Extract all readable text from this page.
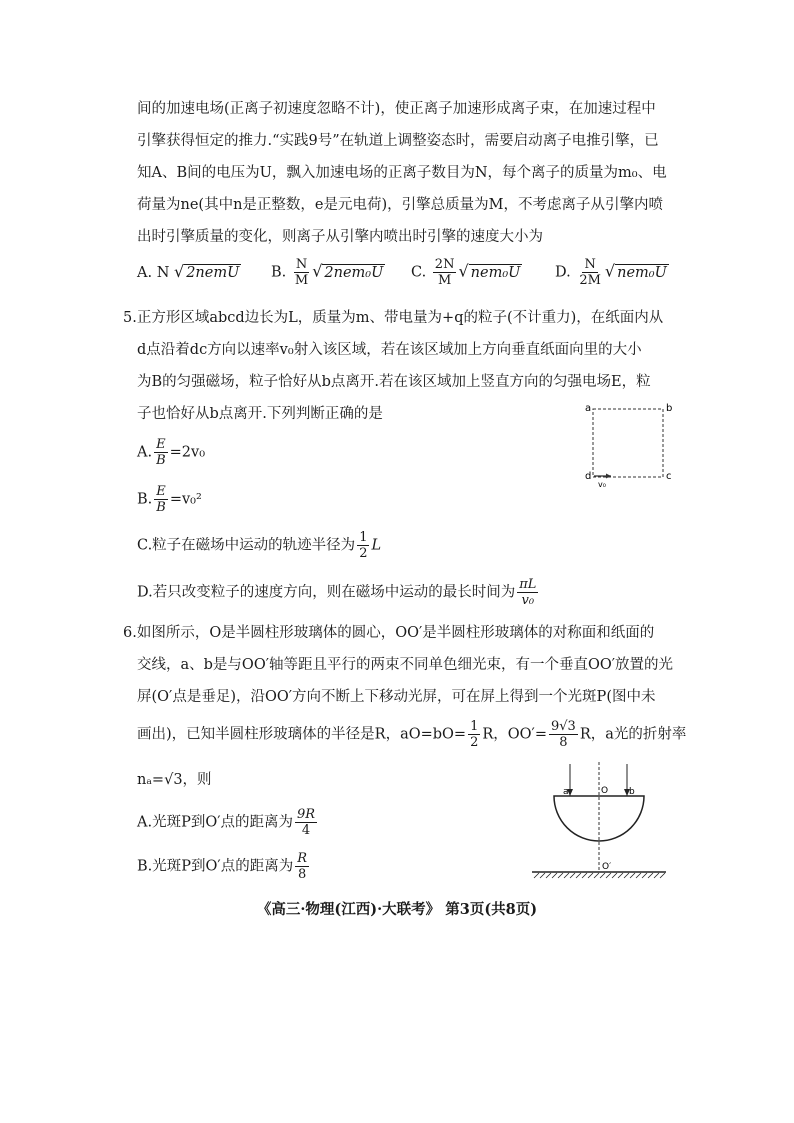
间的加速电场(正离子初速度忽略不计)，使正离子加速形成离子束，在加速过程中
引擎获得恒定的推力.“实践9号”在轨道上调整姿态时，需要启动离子电推引擎，已
知A、B间的电压为U，飘入加速电场的正离子数目为N，每个离子的质量为m₀、电
荷量为ne(其中n是正整数，e是元电荷)，引擎总质量为M，不考虑离子从引擎内喷
出时引擎质量的变化，则离子从引擎内喷出时引擎的速度大小为
A. N √ 2nemU B. $\frac{N}{M}$ √ 2nem₀U C. $\frac{2N}{M}$ √ nem₀U D. $\frac{N}{2M}$ √ nem₀U
5.正方形区域abcd边长为L，质量为m、带电量为+q的粒子(不计重力)，在纸面内从
d点沿着dc方向以速率v₀射入该区域，若在该区域加上方向垂直纸面向里的大小
为B的匀强磁场，粒子恰好从b点离开.若在该区域加上竖直方向的匀强电场E，粒
子也恰好从b点离开.下列判断正确的是	a	b
d	c
v₀
A. $\frac{E}{B} =2v_0$
B. $\frac{E}{B} =v_0^2$
C.粒子在磁场中运动的轨迹半径为 $\frac{1}{2}$ L
D.若只改变粒子的速度方向，则在磁场中运动的最长时间为 $\frac{\pi L}{\text{v₀}}$
6.如图所示，O是半圆柱形玻璃体的圆心，OO′是半圆柱形玻璃体的对称面和纸面的
交线，a、b是与OO′轴等距且平行的两束不同单色细光束，有一个垂直OO′放置的光
屏(O′点是垂足)，沿OO′方向不断上下移动光屏，可在屏上得到一个光斑P(图中未
画出)，已知半圆柱形玻璃体的半径是R，$aO=bO= \frac{1}{2}$ R，$OO'= \frac{9√3}{8}$ R，a光的折射率
nₐ=√3，则
A.光斑P到O′点的距离为 $\frac{9R}{4}$
B.光斑P到O′点的距离为 $\frac{R}{8}$
a	O b
O′
《高三·物理(江西)·大联考》 第3页(共8页)
